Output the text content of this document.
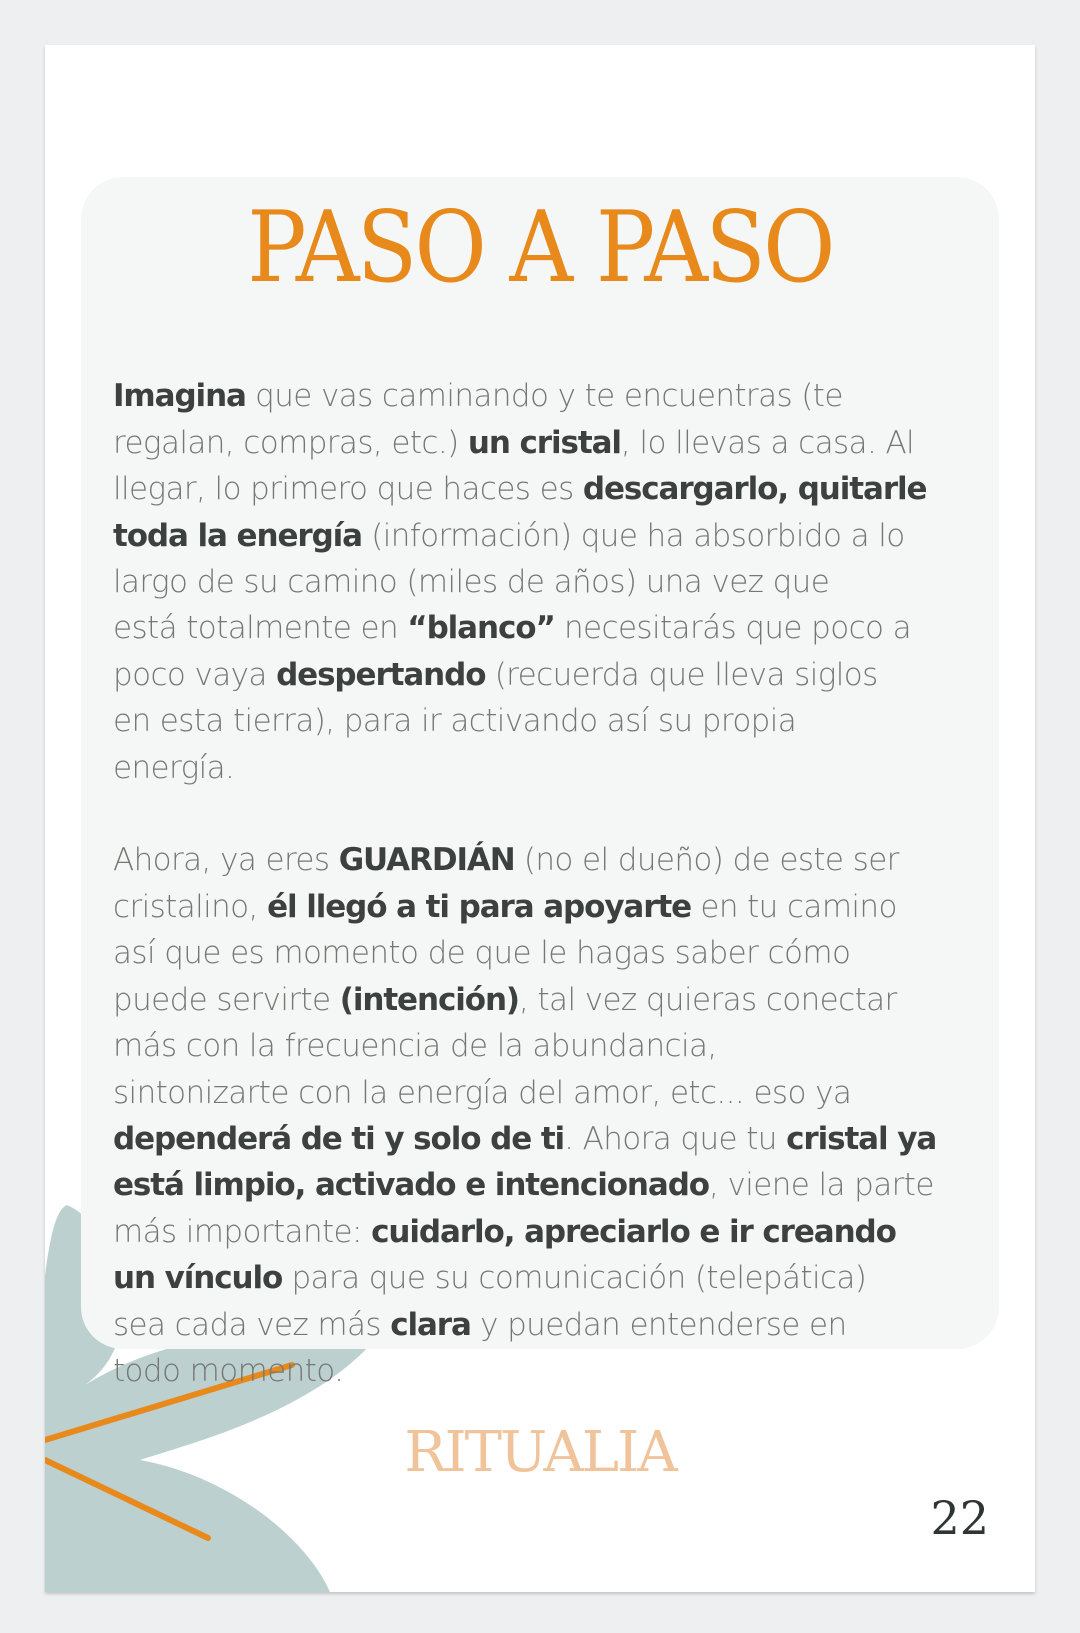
PASO A PASO

Imagina que vas caminando y te encuentras (te
regalan, compras, etc.) un cristal, lo llevas a casa. Al
llegar, lo primero que haces es descargarlo, quitarle
toda la energía (información) que ha absorbido a lo
largo de su camino (miles de años) una vez que
está totalmente en “blanco” necesitarás que poco a
poco vaya despertando (recuerda que lleva siglos
en esta tierra), para ir activando así su propia
energía.

Ahora, ya eres GUARDIÁN (no el dueño) de este ser
cristalino, él llegó a ti para apoyarte en tu camino
así que es momento de que le hagas saber cómo
puede servirte (intención), tal vez quieras conectar
más con la frecuencia de la abundancia,
sintonizarte con la energía del amor, etc... eso ya
dependerá de ti y solo de ti. Ahora que tu cristal ya
está limpio, activado e intencionado, viene la parte
más importante: cuidarlo, apreciarlo e ir creando
un vínculo para que su comunicación (telepática)
sea cada vez más clara y puedan entenderse en
todo momento.

RITUALIA
22
